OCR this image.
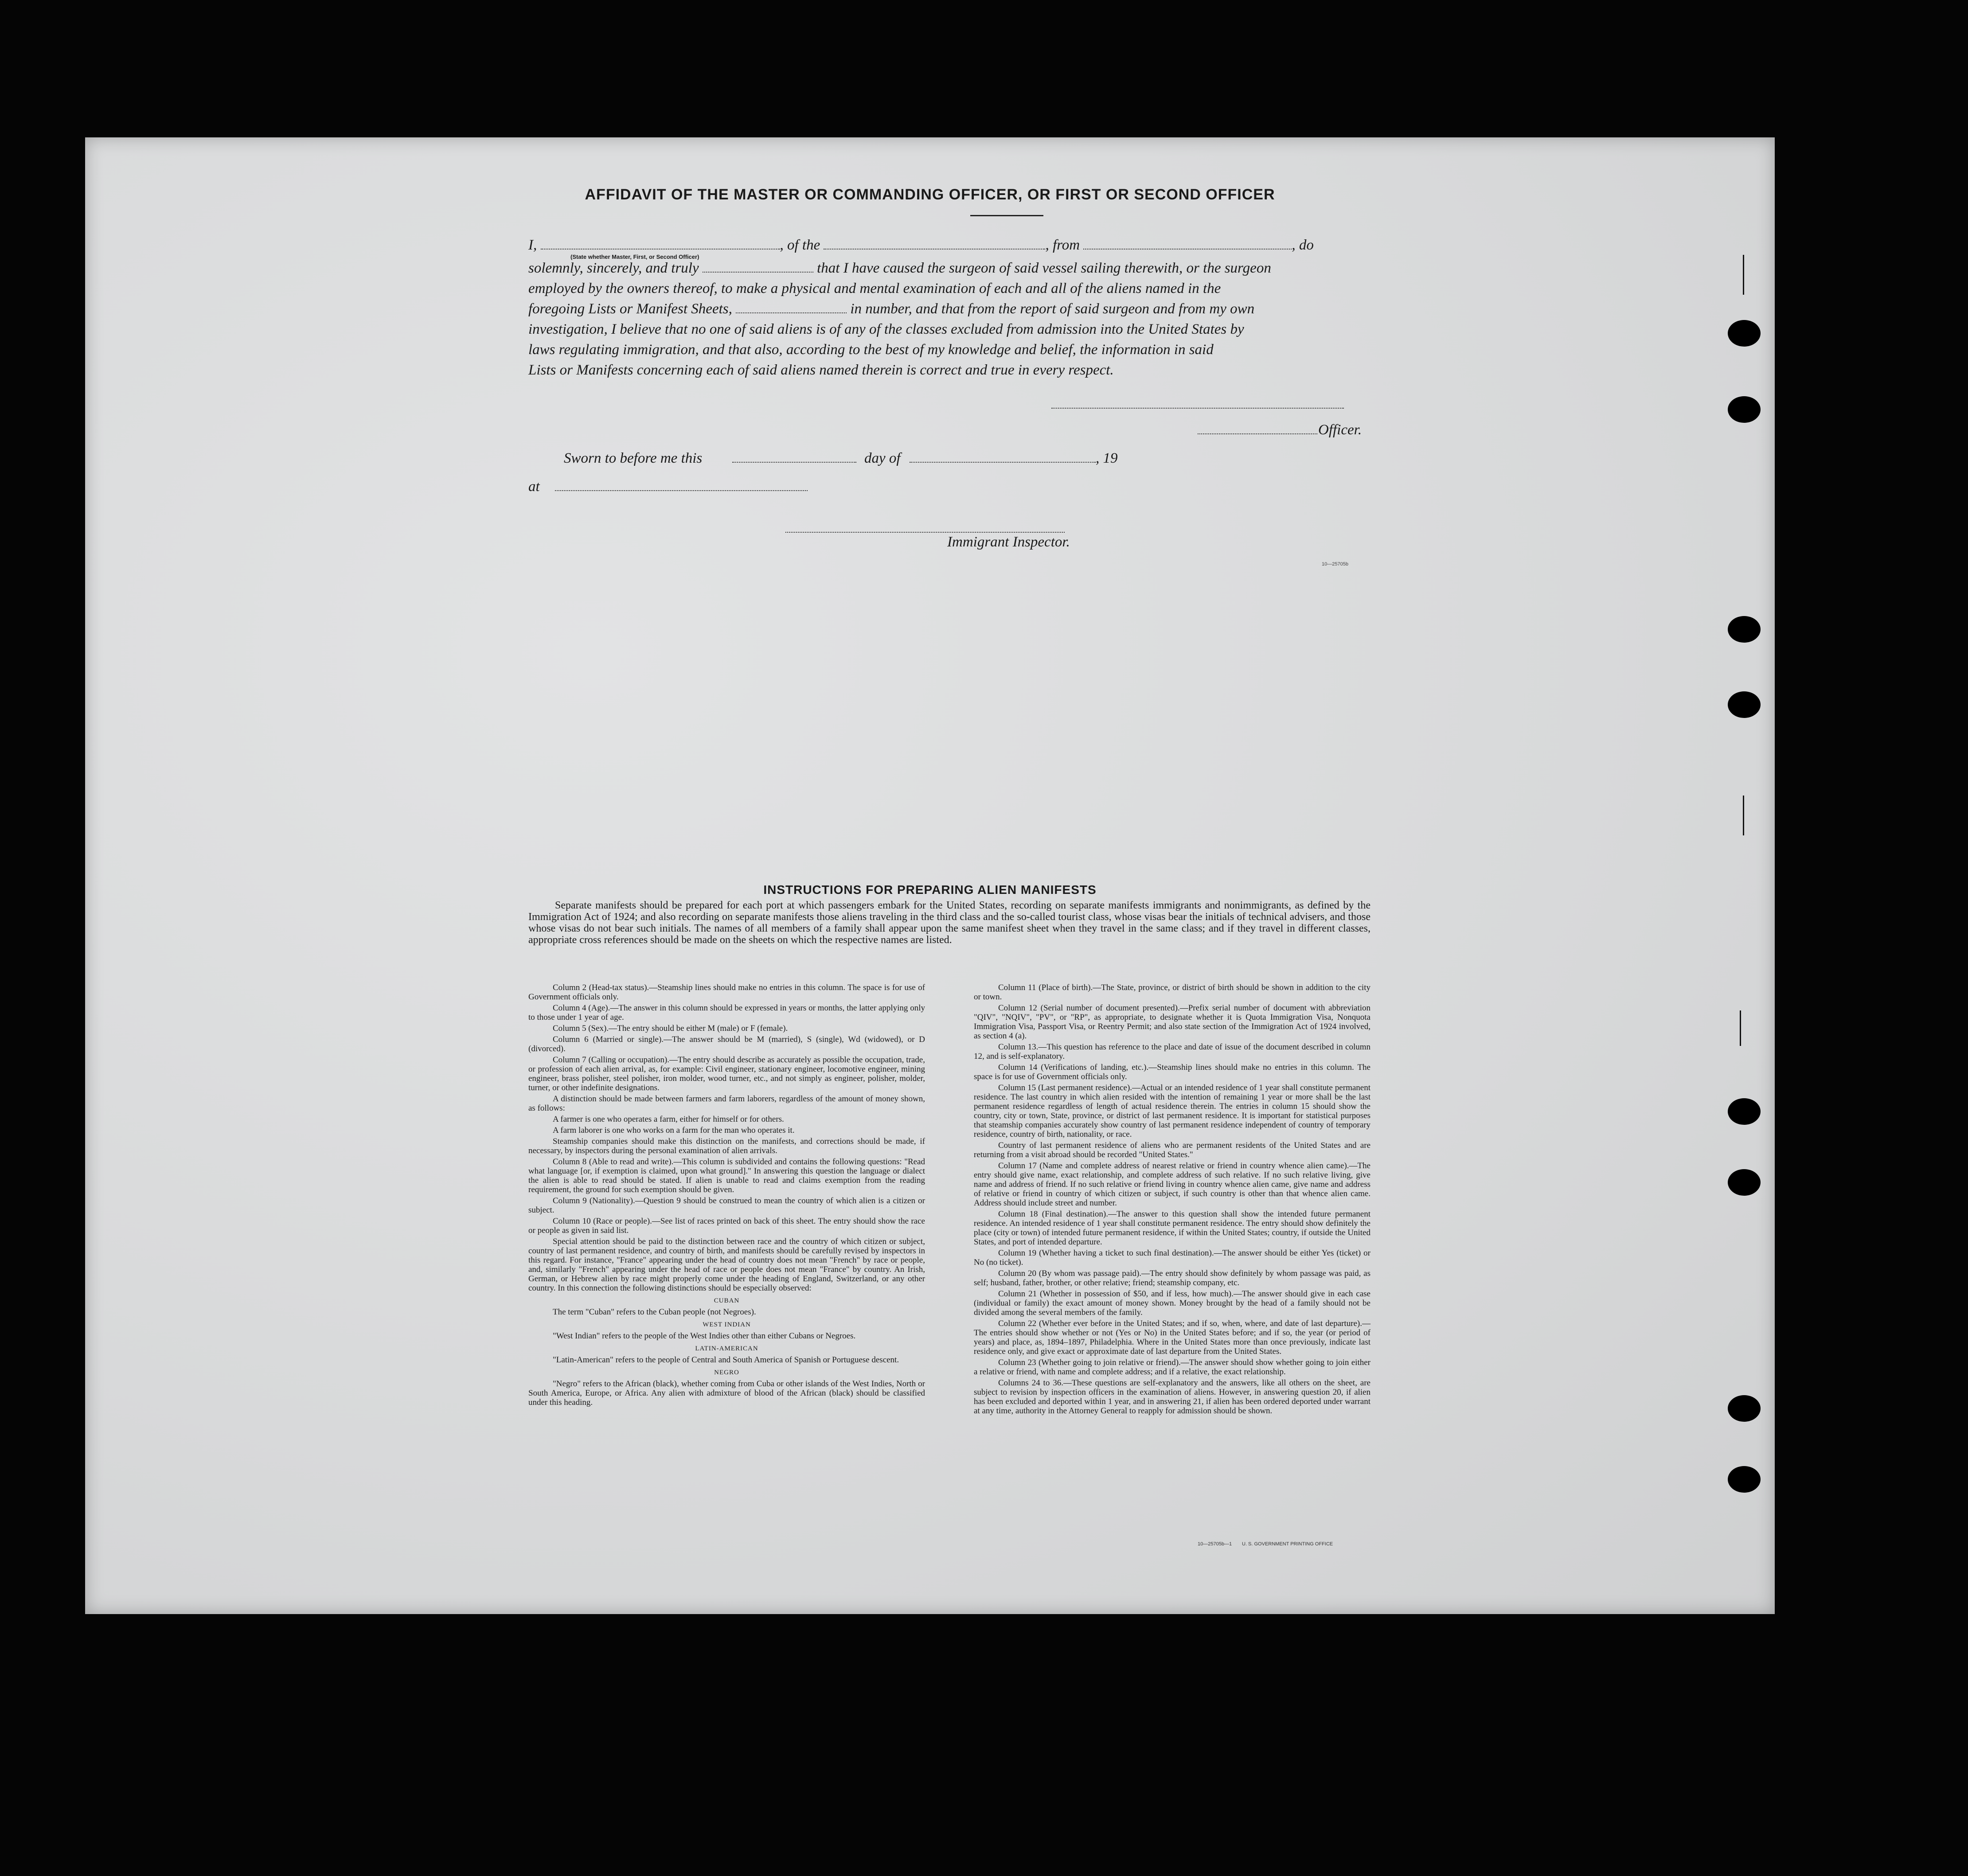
AFFIDAVIT OF THE MASTER OR COMMANDING OFFICER, OR FIRST OR SECOND OFFICER

I,	, of the	, from	, do

solemnly, sincerely, and truly	that I have caused the surgeon of said vessel sailing therewith, or the surgeon

employed by the owners thereof, to make a physical and mental examination of each and all of the aliens named in the

foregoing Lists or Manifest Sheets,	in number, and that from the report of said surgeon and from my own

investigation, I believe that no one of said aliens is of any of the classes excluded from admission into the United States by

laws regulating immigration, and that also, according to the best of my knowledge and belief, the information in said

Lists or Manifests concerning each of said aliens named therein is correct and true in every respect.

(State whether Master, First, or Second Officer)
Officer.
Sworn to before me this	day of	, 19
at
Immigrant Inspector.
10—25705b
INSTRUCTIONS FOR PREPARING ALIEN MANIFESTS
Separate manifests should be prepared for each port at which passengers embark for the United States, recording on separate manifests immigrants and nonimmigrants, as defined by the Immigration Act of 1924; and also recording on separate manifests those aliens traveling in the third class and the so-called tourist class, whose visas bear the initials of technical advisers, and those whose visas do not bear such initials. The names of all members of a family shall appear upon the same manifest sheet when they travel in the same class; and if they travel in different classes, appropriate cross references should be made on the sheets on which the respective names are listed.

Column 2 (Head-tax status).—Steamship lines should make no entries in this column. The space is for use of Government officials only.

Column 4 (Age).—The answer in this column should be expressed in years or months, the latter applying only to those under 1 year of age.

Column 5 (Sex).—The entry should be either M (male) or F (female).

Column 6 (Married or single).—The answer should be M (married), S (single), Wd (widowed), or D (divorced).

Column 7 (Calling or occupation).—The entry should describe as accurately as possible the occupation, trade, or profession of each alien arrival, as, for example: Civil engineer, stationary engineer, locomotive engineer, mining engineer, brass polisher, steel polisher, iron molder, wood turner, etc., and not simply as engineer, polisher, molder, turner, or other indefinite designations.

A distinction should be made between farmers and farm laborers, regardless of the amount of money shown, as follows:

A farmer is one who operates a farm, either for himself or for others.

A farm laborer is one who works on a farm for the man who operates it.

Steamship companies should make this distinction on the manifests, and corrections should be made, if necessary, by inspectors during the personal examination of alien arrivals.

Column 8 (Able to read and write).—This column is subdivided and contains the following questions: "Read what language [or, if exemption is claimed, upon what ground]." In answering this question the language or dialect the alien is able to read should be stated. If alien is unable to read and claims exemption from the reading requirement, the ground for such exemption should be given.

Column 9 (Nationality).—Question 9 should be construed to mean the country of which alien is a citizen or subject.

Column 10 (Race or people).—See list of races printed on back of this sheet. The entry should show the race or people as given in said list.

Special attention should be paid to the distinction between race and the country of which citizen or subject, country of last permanent residence, and country of birth, and manifests should be carefully revised by inspectors in this regard. For instance, "France" appearing under the head of country does not mean "French" by race or people, and, similarly "French" appearing under the head of race or people does not mean "France" by country. An Irish, German, or Hebrew alien by race might properly come under the heading of England, Switzerland, or any other country. In this connection the following distinctions should be especially observed:

CUBAN

The term "Cuban" refers to the Cuban people (not Negroes).

WEST INDIAN

"West Indian" refers to the people of the West Indies other than either Cubans or Negroes.

LATIN-AMERICAN

"Latin-American" refers to the people of Central and South America of Spanish or Portuguese descent.

NEGRO

"Negro" refers to the African (black), whether coming from Cuba or other islands of the West Indies, North or South America, Europe, or Africa. Any alien with admixture of blood of the African (black) should be classified under this heading.

Column 11 (Place of birth).—The State, province, or district of birth should be shown in addition to the city or town.

Column 12 (Serial number of document presented).—Prefix serial number of document with abbreviation "QIV", "NQIV", "PV", or "RP", as appropriate, to designate whether it is Quota Immigration Visa, Nonquota Immigration Visa, Passport Visa, or Reentry Permit; and also state section of the Immigration Act of 1924 involved, as section 4 (a).

Column 13.—This question has reference to the place and date of issue of the document described in column 12, and is self-explanatory.

Column 14 (Verifications of landing, etc.).—Steamship lines should make no entries in this column. The space is for use of Government officials only.

Column 15 (Last permanent residence).—Actual or an intended residence of 1 year shall constitute permanent residence. The last country in which alien resided with the intention of remaining 1 year or more shall be the last permanent residence regardless of length of actual residence therein. The entries in column 15 should show the country, city or town, State, province, or district of last permanent residence. It is important for statistical purposes that steamship companies accurately show country of last permanent residence independent of country of temporary residence, country of birth, nationality, or race.

Country of last permanent residence of aliens who are permanent residents of the United States and are returning from a visit abroad should be recorded "United States."

Column 17 (Name and complete address of nearest relative or friend in country whence alien came).—The entry should give name, exact relationship, and complete address of such relative. If no such relative living, give name and address of friend. If no such relative or friend living in country whence alien came, give name and address of relative or friend in country of which citizen or subject, if such country is other than that whence alien came. Address should include street and number.

Column 18 (Final destination).—The answer to this question shall show the intended future permanent residence. An intended residence of 1 year shall constitute permanent residence. The entry should show definitely the place (city or town) of intended future permanent residence, if within the United States; country, if outside the United States, and port of intended departure.

Column 19 (Whether having a ticket to such final destination).—The answer should be either Yes (ticket) or No (no ticket).

Column 20 (By whom was passage paid).—The entry should show definitely by whom passage was paid, as self; husband, father, brother, or other relative; friend; steamship company, etc.

Column 21 (Whether in possession of $50, and if less, how much).—The answer should give in each case (individual or family) the exact amount of money shown. Money brought by the head of a family should not be divided among the several members of the family.

Column 22 (Whether ever before in the United States; and if so, when, where, and date of last departure).—The entries should show whether or not (Yes or No) in the United States before; and if so, the year (or period of years) and place, as, 1894–1897, Philadelphia. Where in the United States more than once previously, indicate last residence only, and give exact or approximate date of last departure from the United States.

Column 23 (Whether going to join relative or friend).—The answer should show whether going to join either a relative or friend, with name and complete address; and if a relative, the exact relationship.

Columns 24 to 36.—These questions are self-explanatory and the answers, like all others on the sheet, are subject to revision by inspection officers in the examination of aliens. However, in answering question 20, if alien has been excluded and deported within 1 year, and in answering 21, if alien has been ordered deported under warrant at any time, authority in the Attorney General to reapply for admission should be shown.

10—25705b—1 U. S. GOVERNMENT PRINTING OFFICE
